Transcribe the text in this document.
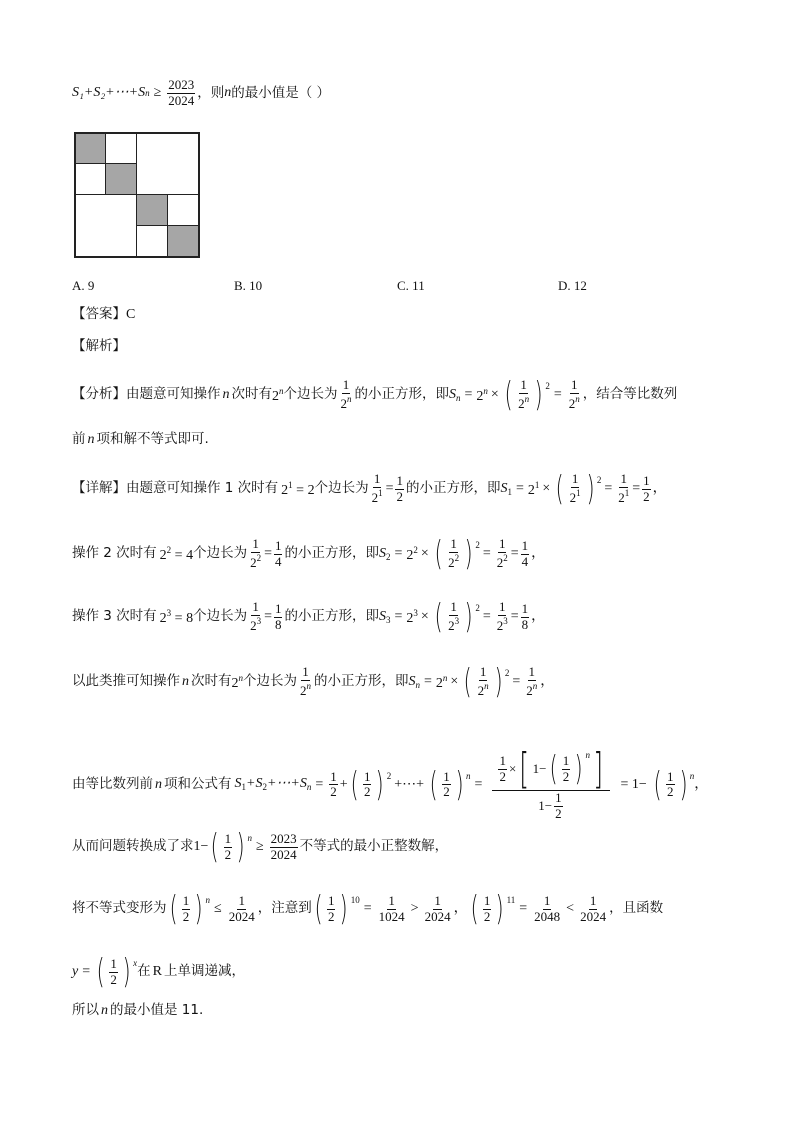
S₁+S₂+⋯+S $n \ge \frac{2023}{2024}$ ，则 n 的最小值是（ ）
A. 9	B. 10	C. 11	D. 12
【答案】 C
【解析】
【分析】 由题意可知操作 n 次时有 2$^n$ 个边长为 $\frac{1}{2^n}$ 的小正方形，即 $S_n = 2^n$ × ( $\frac{1}{2^n}$ ) $^2$
= $\frac{1}{2^n}$ ，结合等比数列
前 n 项和解不等式即可.
【详解】 由题意可知操作 1 次时有 $2^1 = 2$ 个边长为 $\frac{1}{2^1} = \frac{1}{2}$ 的小正方形，即 $S_1 = 2^1$ × ( $\frac{1}{2^1}$ ) $^2$
= $\frac{1}{2^1} = \frac{1}{2}$ ，
操作 2 次时有 $2^2 = 4$ 个边长为 $\frac{1}{2^2} = \frac{1}{4}$ 的小正方形，即 $S_2 = 2^2$ × ( $\frac{1}{2^2}$ ) $^2$
= $\frac{1}{2^2} = \frac{1}{4}$ ，
操作 3 次时有 $2^3 = 8$ 个边长为 $\frac{1}{2^3} = \frac{1}{8}$ 的小正方形，即 $S_3 = 2^3$ × ( $\frac{1}{2^3}$ ) $^2$
= $\frac{1}{2^3} = \frac{1}{8}$ ，
以此类推可知操作 n 次时有 2$^n$ 个边长为 $\frac{1}{2^n}$ 的小正方形，即 $S_n = 2^n$ × ( $\frac{1}{2^n}$ ) $^2$
= $\frac{1}{2^n}$ ，
由等比数列前 n 项和公式有 $S_1+S_2+\cdots+S_n = \frac{1}{2}$ + ( $\frac{1}{2}$ ) $^2$
+⋯+ ( $\frac{1}{2}$ ) $^n$
= $\frac{\frac{1}{2} \times [ 1- ( \frac{1}{2} ) ^n ]}{1- \frac{1}{2}} = 1-$ ( $\frac{1}{2}$ ) $^n$
，
从而问题转换成了求 1− ( $\frac{1}{2}$ ) $^n$
≥ $\frac{2023}{2024}$ 不等式的最小正整数解，
将不等式变形为 ( $\frac{1}{2}$ ) $^n$
≤ $\frac{1}{2024}$ ，注意到 ( $\frac{1}{2}$ ) $^{10}$
= $\frac{1}{1024} > \frac{1}{2024}$ ， ( $\frac{1}{2}$ ) $^{11}$
= $\frac{1}{2048} < \frac{1}{2024}$ ，且函数
y = ( $\frac{1}{2}$ ) $^x$
在 R 上单调递减，
所以 n 的最小值是 11.
